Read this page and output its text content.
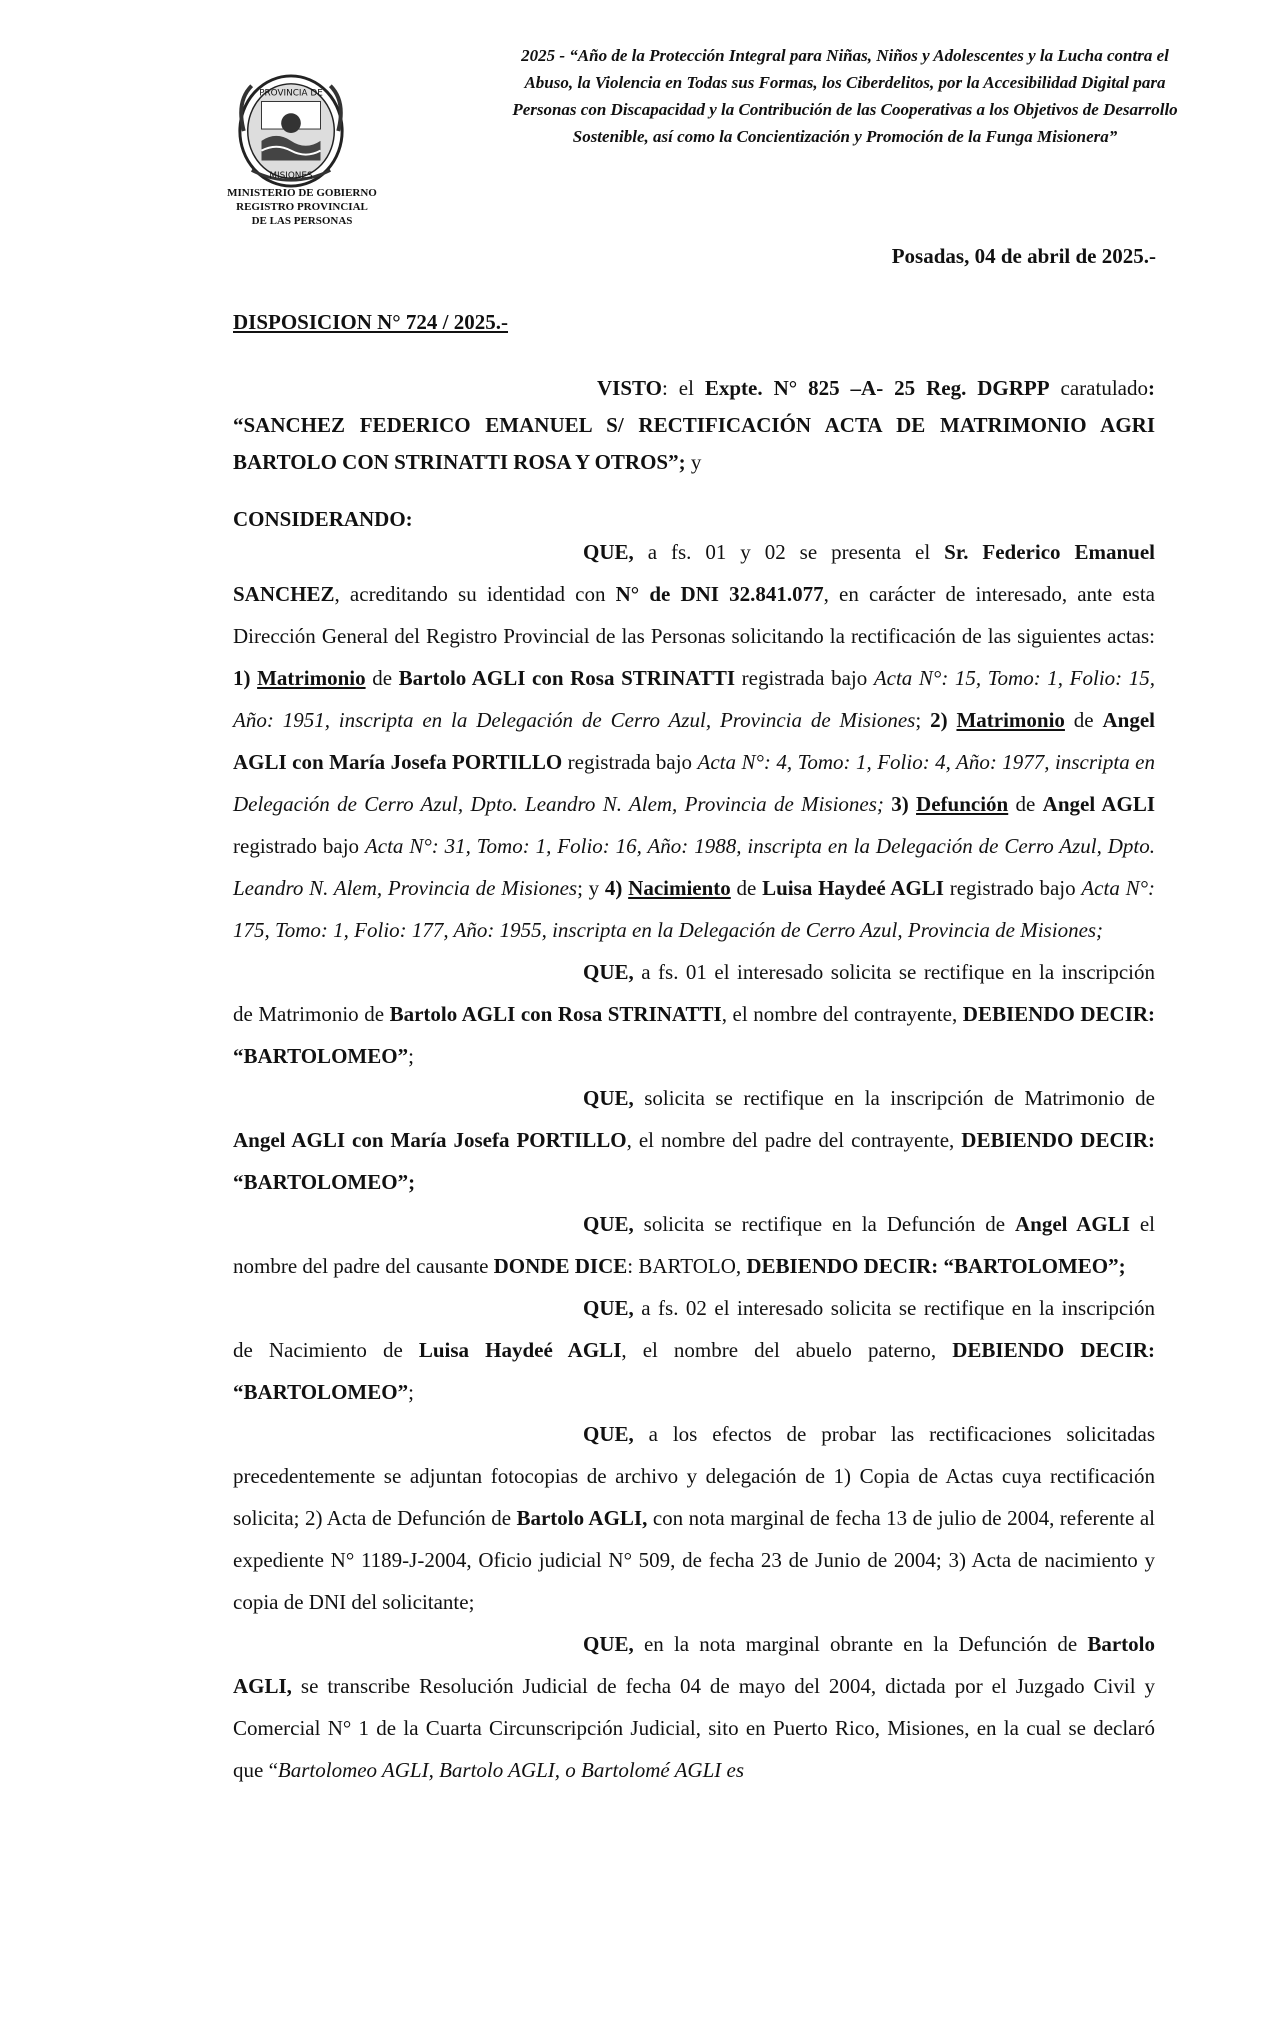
PROVINCIA DE
MISIONES
MINISTERIO DE GOBIERNO
REGISTRO PROVINCIAL
DE LAS PERSONAS
2025 - “Año de la Protección Integral para Niñas, Niños y Adolescentes y la Lucha contra el Abuso, la Violencia en Todas sus Formas, los Ciberdelitos, por la Accesibilidad Digital para Personas con Discapacidad y la Contribución de las Cooperativas a los Objetivos de Desarrollo Sostenible, así como la Concientización y Promoción de la Funga Misionera”
Posadas, 04 de abril de 2025.-
DISPOSICION N° 724 / 2025.-
VISTO: el Expte. N° 825 –A- 25 Reg. DGRPP caratulado: “SANCHEZ FEDERICO EMANUEL S/ RECTIFICACIÓN ACTA DE MATRIMONIO AGRI BARTOLO CON STRINATTI ROSA Y OTROS”; y
CONSIDERANDO:

QUE, a fs. 01 y 02 se presenta el Sr. Federico Emanuel SANCHEZ, acreditando su identidad con N° de DNI 32.841.077, en carácter de interesado, ante esta Dirección General del Registro Provincial de las Personas solicitando la rectificación de las siguientes actas: 1) Matrimonio de Bartolo AGLI con Rosa STRINATTI registrada bajo Acta N°: 15, Tomo: 1, Folio: 15, Año: 1951, inscripta en la Delegación de Cerro Azul, Provincia de Misiones; 2) Matrimonio de Angel AGLI con María Josefa PORTILLO registrada bajo Acta N°: 4, Tomo: 1, Folio: 4, Año: 1977, inscripta en Delegación de Cerro Azul, Dpto. Leandro N. Alem, Provincia de Misiones; 3) Defunción de Angel AGLI registrado bajo Acta N°: 31, Tomo: 1, Folio: 16, Año: 1988, inscripta en la Delegación de Cerro Azul, Dpto. Leandro N. Alem, Provincia de Misiones; y 4) Nacimiento de Luisa Haydeé AGLI registrado bajo Acta N°: 175, Tomo: 1, Folio: 177, Año: 1955, inscripta en la Delegación de Cerro Azul, Provincia de Misiones;

QUE, a fs. 01 el interesado solicita se rectifique en la inscripción de Matrimonio de Bartolo AGLI con Rosa STRINATTI, el nombre del contrayente, DEBIENDO DECIR: “BARTOLOMEO”;

QUE, solicita se rectifique en la inscripción de Matrimonio de Angel AGLI con María Josefa PORTILLO, el nombre del padre del contrayente, DEBIENDO DECIR: “BARTOLOMEO”;

QUE, solicita se rectifique en la Defunción de Angel AGLI el nombre del padre del causante DONDE DICE: BARTOLO, DEBIENDO DECIR: “BARTOLOMEO”;

QUE, a fs. 02 el interesado solicita se rectifique en la inscripción de Nacimiento de Luisa Haydeé AGLI, el nombre del abuelo paterno, DEBIENDO DECIR: “BARTOLOMEO”;

QUE, a los efectos de probar las rectificaciones solicitadas precedentemente se adjuntan fotocopias de archivo y delegación de 1) Copia de Actas cuya rectificación solicita; 2) Acta de Defunción de Bartolo AGLI, con nota marginal de fecha 13 de julio de 2004, referente al expediente N° 1189-J-2004, Oficio judicial N° 509, de fecha 23 de Junio de 2004; 3) Acta de nacimiento y copia de DNI del solicitante;

QUE, en la nota marginal obrante en la Defunción de Bartolo AGLI, se transcribe Resolución Judicial de fecha 04 de mayo del 2004, dictada por el Juzgado Civil y Comercial N° 1 de la Cuarta Circunscripción Judicial, sito en Puerto Rico, Misiones, en la cual se declaró que “Bartolomeo AGLI, Bartolo AGLI, o Bartolomé AGLI es
